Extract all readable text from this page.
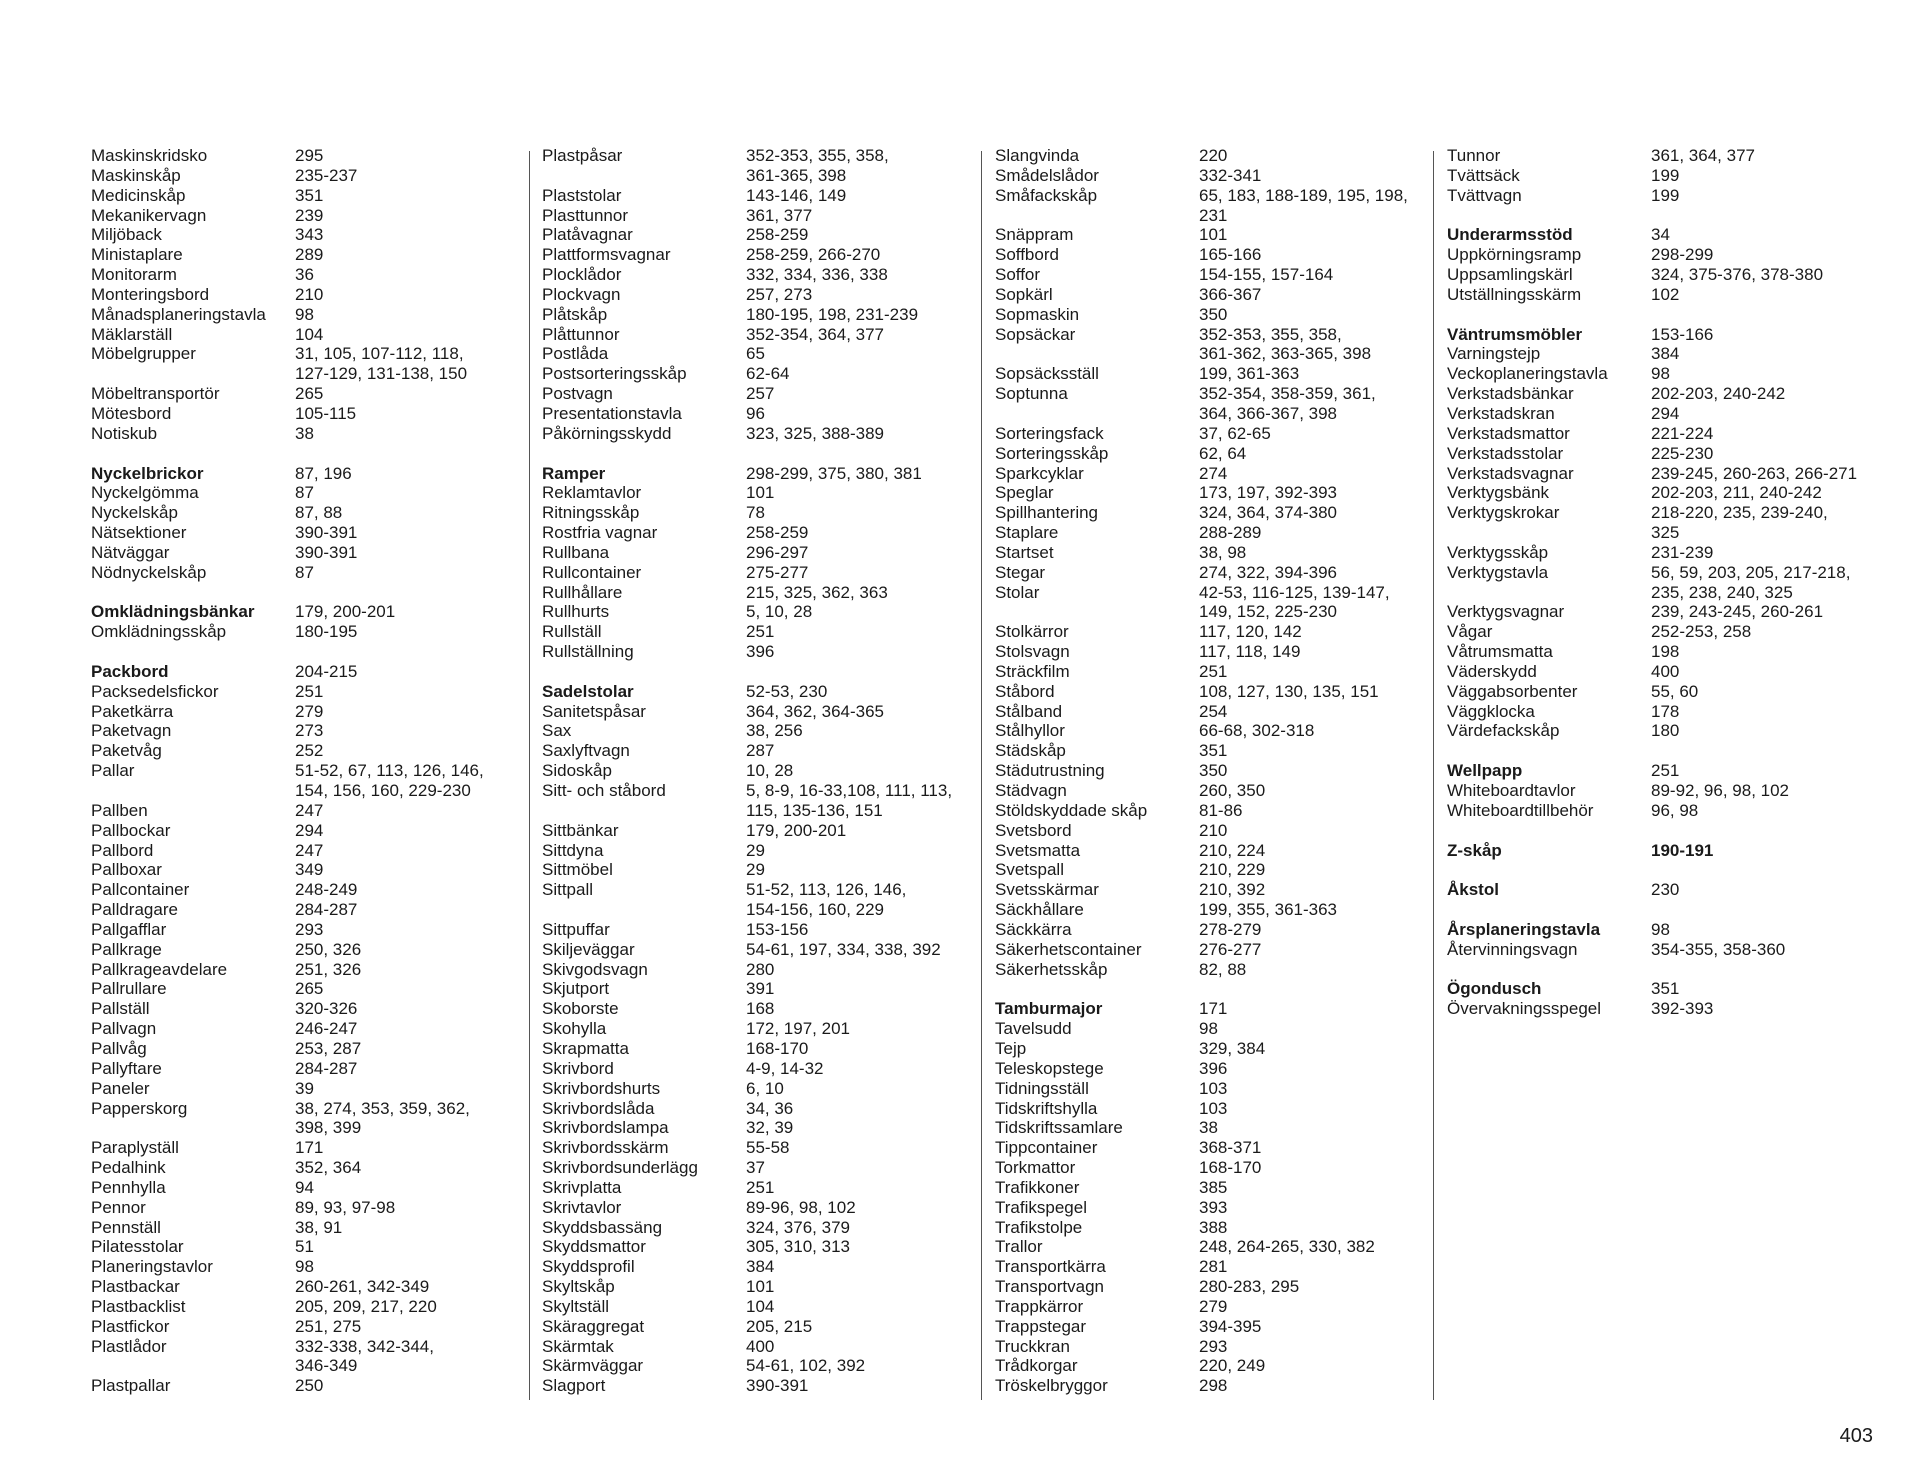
Maskinskridsko	295
Maskinskåp	235-237
Medicinskåp	351
Mekanikervagn	239
Miljöback	343
Ministaplare	289
Monitorarm	36
Monteringsbord	210
Månadsplaneringstavla	98
Mäklarställ	104
Möbelgrupper	31, 105, 107-112, 118,
127-129, 131-138, 150
Möbeltransportör	265
Mötesbord	105-115
Notiskub	38
Nyckelbrickor	87, 196
Nyckelgömma	87
Nyckelskåp	87, 88
Nätsektioner	390-391
Nätväggar	390-391
Nödnyckelskåp	87
Omklädningsbänkar	179, 200-201
Omklädningsskåp	180-195
Packbord	204-215
Packsedelsfickor	251
Paketkärra	279
Paketvagn	273
Paketvåg	252
Pallar	51-52, 67, 113, 126, 146,
154, 156, 160, 229-230
Pallben	247
Pallbockar	294
Pallbord	247
Pallboxar	349
Pallcontainer	248-249
Palldragare	284-287
Pallgafflar	293
Pallkrage	250, 326
Pallkrageavdelare	251, 326
Pallrullare	265
Pallställ	320-326
Pallvagn	246-247
Pallvåg	253, 287
Pallyftare	284-287
Paneler	39
Papperskorg	38, 274, 353, 359, 362,
398, 399
Paraplyställ	171
Pedalhink	352, 364
Pennhylla	94
Pennor	89, 93, 97-98
Pennställ	38, 91
Pilatesstolar	51
Planeringstavlor	98
Plastbackar	260-261, 342-349
Plastbacklist	205, 209, 217, 220
Plastfickor	251, 275
Plastlådor	332-338, 342-344,
346-349
Plastpallar	250
Plastpåsar	352-353, 355, 358,
361-365, 398
Plaststolar	143-146, 149
Plasttunnor	361, 377
Platåvagnar	258-259
Plattformsvagnar	258-259, 266-270
Plocklådor	332, 334, 336, 338
Plockvagn	257, 273
Plåtskåp	180-195, 198, 231-239
Plåttunnor	352-354, 364, 377
Postlåda	65
Postsorteringsskåp	62-64
Postvagn	257
Presentationstavla	96
Påkörningsskydd	323, 325, 388-389
Ramper	298-299, 375, 380, 381
Reklamtavlor	101
Ritningsskåp	78
Rostfria vagnar	258-259
Rullbana	296-297
Rullcontainer	275-277
Rullhållare	215, 325, 362, 363
Rullhurts	5, 10, 28
Rullställ	251
Rullställning	396
Sadelstolar	52-53, 230
Sanitetspåsar	364, 362, 364-365
Sax	38, 256
Saxlyftvagn	287
Sidoskåp	10, 28
Sitt- och ståbord	5, 8-9, 16-33,108, 111, 113,
115, 135-136, 151
Sittbänkar	179, 200-201
Sittdyna	29
Sittmöbel	29
Sittpall	51-52, 113, 126, 146,
154-156, 160, 229
Sittpuffar	153-156
Skiljeväggar	54-61, 197, 334, 338, 392
Skivgodsvagn	280
Skjutport	391
Skoborste	168
Skohylla	172, 197, 201
Skrapmatta	168-170
Skrivbord	4-9, 14-32
Skrivbordshurts	6, 10
Skrivbordslåda	34, 36
Skrivbordslampa	32, 39
Skrivbordsskärm	55-58
Skrivbordsunderlägg	37
Skrivplatta	251
Skrivtavlor	89-96, 98, 102
Skyddsbassäng	324, 376, 379
Skyddsmattor	305, 310, 313
Skyddsprofil	384
Skyltskåp	101
Skyltställ	104
Skäraggregat	205, 215
Skärmtak	400
Skärmväggar	54-61, 102, 392
Slagport	390-391
Slangvinda	220
Smådelslådor	332-341
Småfackskåp	65, 183, 188-189, 195, 198,
231
Snäppram	101
Soffbord	165-166
Soffor	154-155, 157-164
Sopkärl	366-367
Sopmaskin	350
Sopsäckar	352-353, 355, 358,
361-362, 363-365, 398
Sopsäcksställ	199, 361-363
Soptunna	352-354, 358-359, 361,
364, 366-367, 398
Sorteringsfack	37, 62-65
Sorteringsskåp	62, 64
Sparkcyklar	274
Speglar	173, 197, 392-393
Spillhantering	324, 364, 374-380
Staplare	288-289
Startset	38, 98
Stegar	274, 322, 394-396
Stolar	42-53, 116-125, 139-147,
149, 152, 225-230
Stolkärror	117, 120, 142
Stolsvagn	117, 118, 149
Sträckfilm	251
Ståbord	108, 127, 130, 135, 151
Stålband	254
Stålhyllor	66-68, 302-318
Städskåp	351
Städutrustning	350
Städvagn	260, 350
Stöldskyddade skåp	81-86
Svetsbord	210
Svetsmatta	210, 224
Svetspall	210, 229
Svetsskärmar	210, 392
Säckhållare	199, 355, 361-363
Säckkärra	278-279
Säkerhetscontainer	276-277
Säkerhetsskåp	82, 88
Tamburmajor	171
Tavelsudd	98
Tejp	329, 384
Teleskopstege	396
Tidningsställ	103
Tidskriftshylla	103
Tidskriftssamlare	38
Tippcontainer	368-371
Torkmattor	168-170
Trafikkoner	385
Trafikspegel	393
Trafikstolpe	388
Trallor	248, 264-265, 330, 382
Transportkärra	281
Transportvagn	280-283, 295
Trappkärror	279
Trappstegar	394-395
Truckkran	293
Trådkorgar	220, 249
Tröskelbryggor	298
Tunnor	361, 364, 377
Tvättsäck	199
Tvättvagn	199
Underarmsstöd	34
Uppkörningsramp	298-299
Uppsamlingskärl	324, 375-376, 378-380
Utställningsskärm	102
Väntrumsmöbler	153-166
Varningstejp	384
Veckoplaneringstavla	98
Verkstadsbänkar	202-203, 240-242
Verkstadskran	294
Verkstadsmattor	221-224
Verkstadsstolar	225-230
Verkstadsvagnar	239-245, 260-263, 266-271
Verktygsbänk	202-203, 211, 240-242
Verktygskrokar	218-220, 235, 239-240,
325
Verktygsskåp	231-239
Verktygstavla	56, 59, 203, 205, 217-218,
235, 238, 240, 325
Verktygsvagnar	239, 243-245, 260-261
Vågar	252-253, 258
Våtrumsmatta	198
Väderskydd	400
Väggabsorbenter	55, 60
Väggklocka	178
Värdefackskåp	180
Wellpapp	251
Whiteboardtavlor	89-92, 96, 98, 102
Whiteboardtillbehör	96, 98
Z-skåp	190-191
Åkstol	230
Årsplaneringstavla	98
Återvinningsvagn	354-355, 358-360
Ögondusch	351
Övervakningsspegel	392-393
403
